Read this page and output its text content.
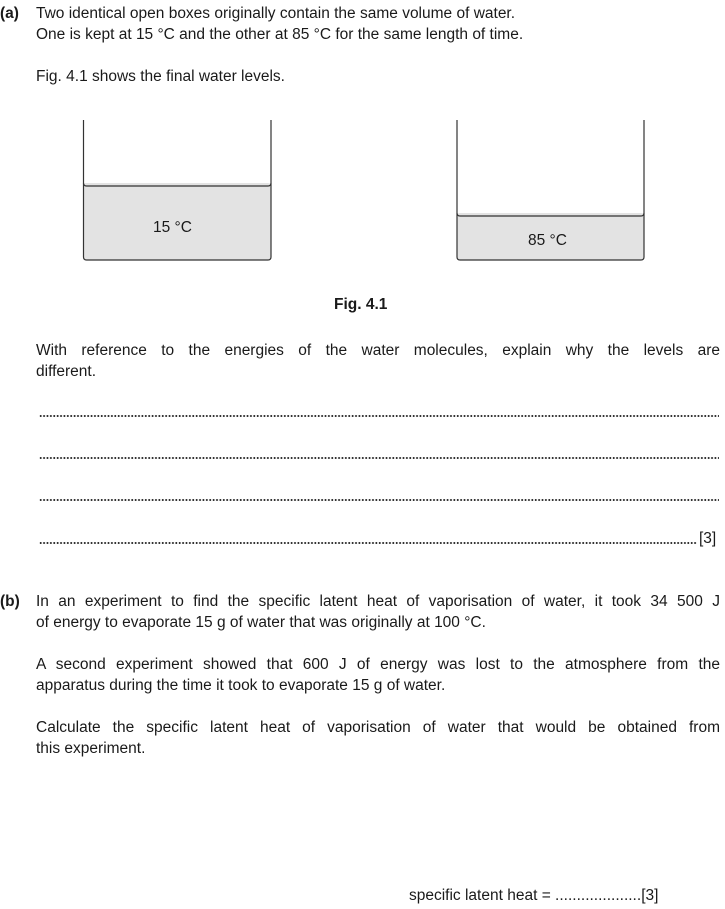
(a) Two identical open boxes originally contain the same volume of water.
One is kept at 15 °C and the other at 85 °C for the same length of time.
Fig. 4.1 shows the final water levels.
15 °C
85 °C
Fig. 4.1
With reference to the energies of the water molecules, explain why the levels are
different.
[3]
(b) In an experiment to find the specific latent heat of vaporisation of water, it took 34 500 J
of energy to evaporate 15 g of water that was originally at 100 °C.
A second experiment showed that 600 J of energy was lost to the atmosphere from the
apparatus during the time it took to evaporate 15 g of water.
Calculate the specific latent heat of vaporisation of water that would be obtained from
this experiment.
specific latent heat = ....................[3]
